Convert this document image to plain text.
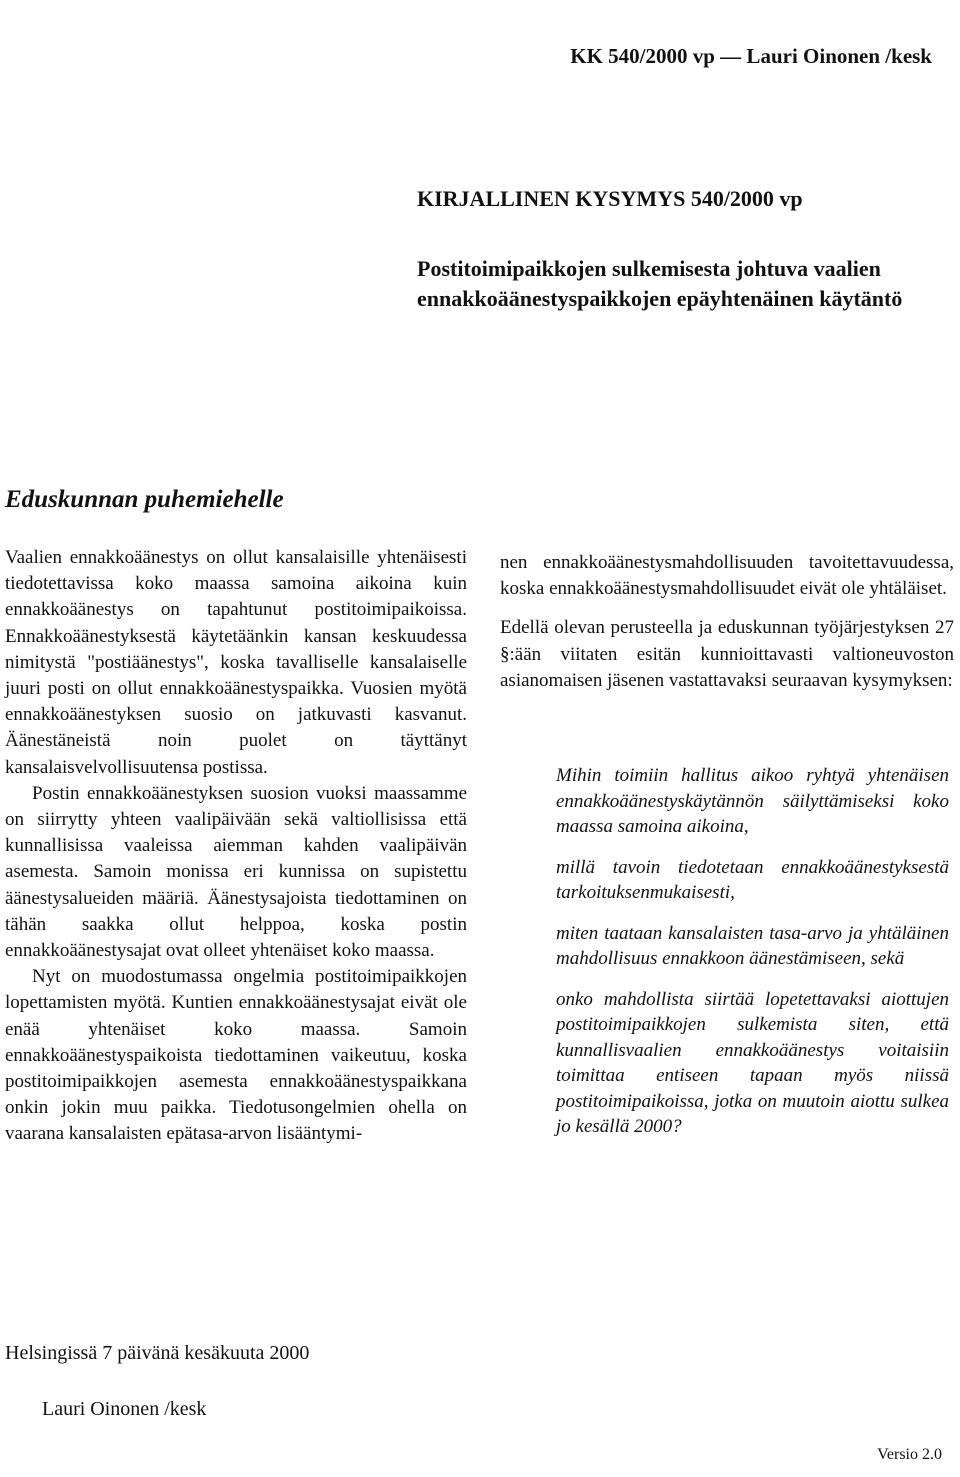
KK 540/2000 vp — Lauri Oinonen /kesk
KIRJALLINEN KYSYMYS 540/2000 vp
Postitoimipaikkojen sulkemisesta johtuva vaalien ennakkoäänestyspaikkojen epäyhtenäinen käytäntö
Eduskunnan puhemiehelle

Vaalien ennakkoäänestys on ollut kansalaisille yhtenäisesti tiedotettavissa koko maassa samoina aikoina kuin ennakkoäänestys on tapahtunut postitoimipaikoissa. Ennakkoäänestyksestä käytetäänkin kansan keskuudessa nimitystä "postiäänestys", koska tavalliselle kansalaiselle juuri posti on ollut ennakkoäänestyspaikka. Vuosien myötä ennakkoäänestyksen suosio on jatkuvasti kasvanut. Äänestäneistä noin puolet on täyttänyt kansalaisvelvollisuutensa postissa.

Postin ennakkoäänestyksen suosion vuoksi maassamme on siirrytty yhteen vaalipäivään sekä valtiollisissa että kunnallisissa vaaleissa aiemman kahden vaalipäivän asemesta. Samoin monissa eri kunnissa on supistettu äänestysalueiden määriä. Äänestysajoista tiedottaminen on tähän saakka ollut helppoa, koska postin ennakkoäänestysajat ovat olleet yhtenäiset koko maassa.

Nyt on muodostumassa ongelmia postitoimipaikkojen lopettamisten myötä. Kuntien ennakkoäänestysajat eivät ole enää yhtenäiset koko maassa. Samoin ennakkoäänestyspaikoista tiedottaminen vaikeutuu, koska postitoimipaikkojen asemesta ennakkoäänestyspaikkana onkin jokin muu paikka. Tiedotusongelmien ohella on vaarana kansalaisten epätasa-arvon lisääntymi-

nen ennakkoäänestysmahdollisuuden tavoitettavuudessa, koska ennakkoäänestysmahdollisuudet eivät ole yhtäläiset.

Edellä olevan perusteella ja eduskunnan työjärjestyksen 27 §:ään viitaten esitän kunnioittavasti valtioneuvoston asianomaisen jäsenen vastattavaksi seuraavan kysymyksen:

Mihin toimiin hallitus aikoo ryhtyä yhtenäisen ennakkoäänestyskäytännön säilyttämiseksi koko maassa samoina aikoina,

millä tavoin tiedotetaan ennakkoäänestyksestä tarkoituksenmukaisesti,

miten taataan kansalaisten tasa-arvo ja yhtäläinen mahdollisuus ennakkoon äänestämiseen, sekä

onko mahdollista siirtää lopetettavaksi aiottujen postitoimipaikkojen sulkemista siten, että kunnallisvaalien ennakkoäänestys voitaisiin toimittaa entiseen tapaan myös niissä postitoimipaikoissa, jotka on muutoin aiottu sulkea jo kesällä 2000?

Helsingissä 7 päivänä kesäkuuta 2000
Lauri Oinonen /kesk
Versio 2.0
